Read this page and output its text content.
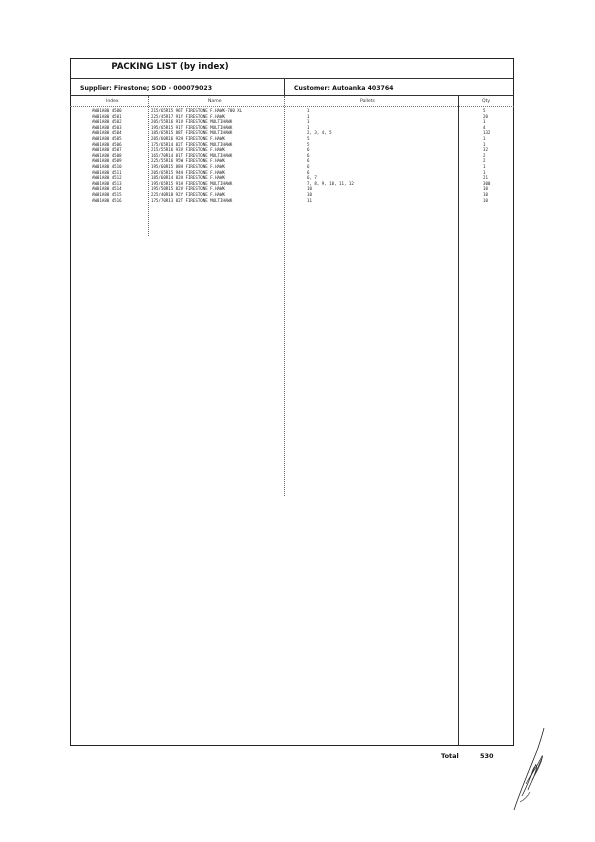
PACKING LIST (by index)
Supplier: Firestone; SOD - 000079023	Customer: Autoanka 403764
Index	Name	Pallets	Qty
AW01A80 4500	215/65R15 96T FIRESTONE F.HAWK-700 XL	1	5
AW01A80 4501	225/45R17 91Y FIRESTONE F.HAWK	1	20
AW01A80 4502	205/55R16 91V FIRESTONE MULTIHAWK	1	1
AW01A80 4503	195/65R15 91T FIRESTONE MULTIHAWK	1	4
AW01A80 4504	185/65R15 88T FIRESTONE MULTIHAWK	2, 3, 4, 5	132
AW01A80 4505	205/60R16 92H FIRESTONE F.HAWK	5	1
AW01A80 4506	175/65R14 82T FIRESTONE MULTIHAWK	5	1
AW01A80 4507	215/55R16 93V FIRESTONE F.HAWK	6	32
AW01A80 4508	165/70R14 81T FIRESTONE MULTIHAWK	6	2
AW01A80 4509	225/55R16 95W FIRESTONE F.HAWK	6	2
AW01A80 4510	195/60R15 88H FIRESTONE F.HAWK	6	1
AW01A80 4511	205/65R15 94H FIRESTONE F.HAWK	6	1
AW01A80 4512	185/60R14 82H FIRESTONE F.HAWK	6, 7	21
AW01A80 4513	195/65R15 91H FIRESTONE MULTIHAWK	7, 8, 9, 10, 11, 12	300
AW01A80 4514	195/50R15 82V FIRESTONE F.HAWK	10	10
AW01A80 4515	225/40R18 92Y FIRESTONE F.HAWK	10	10
AW01A80 4516	175/70R13 82T FIRESTONE MULTIHAWK	11	10
Total	530
